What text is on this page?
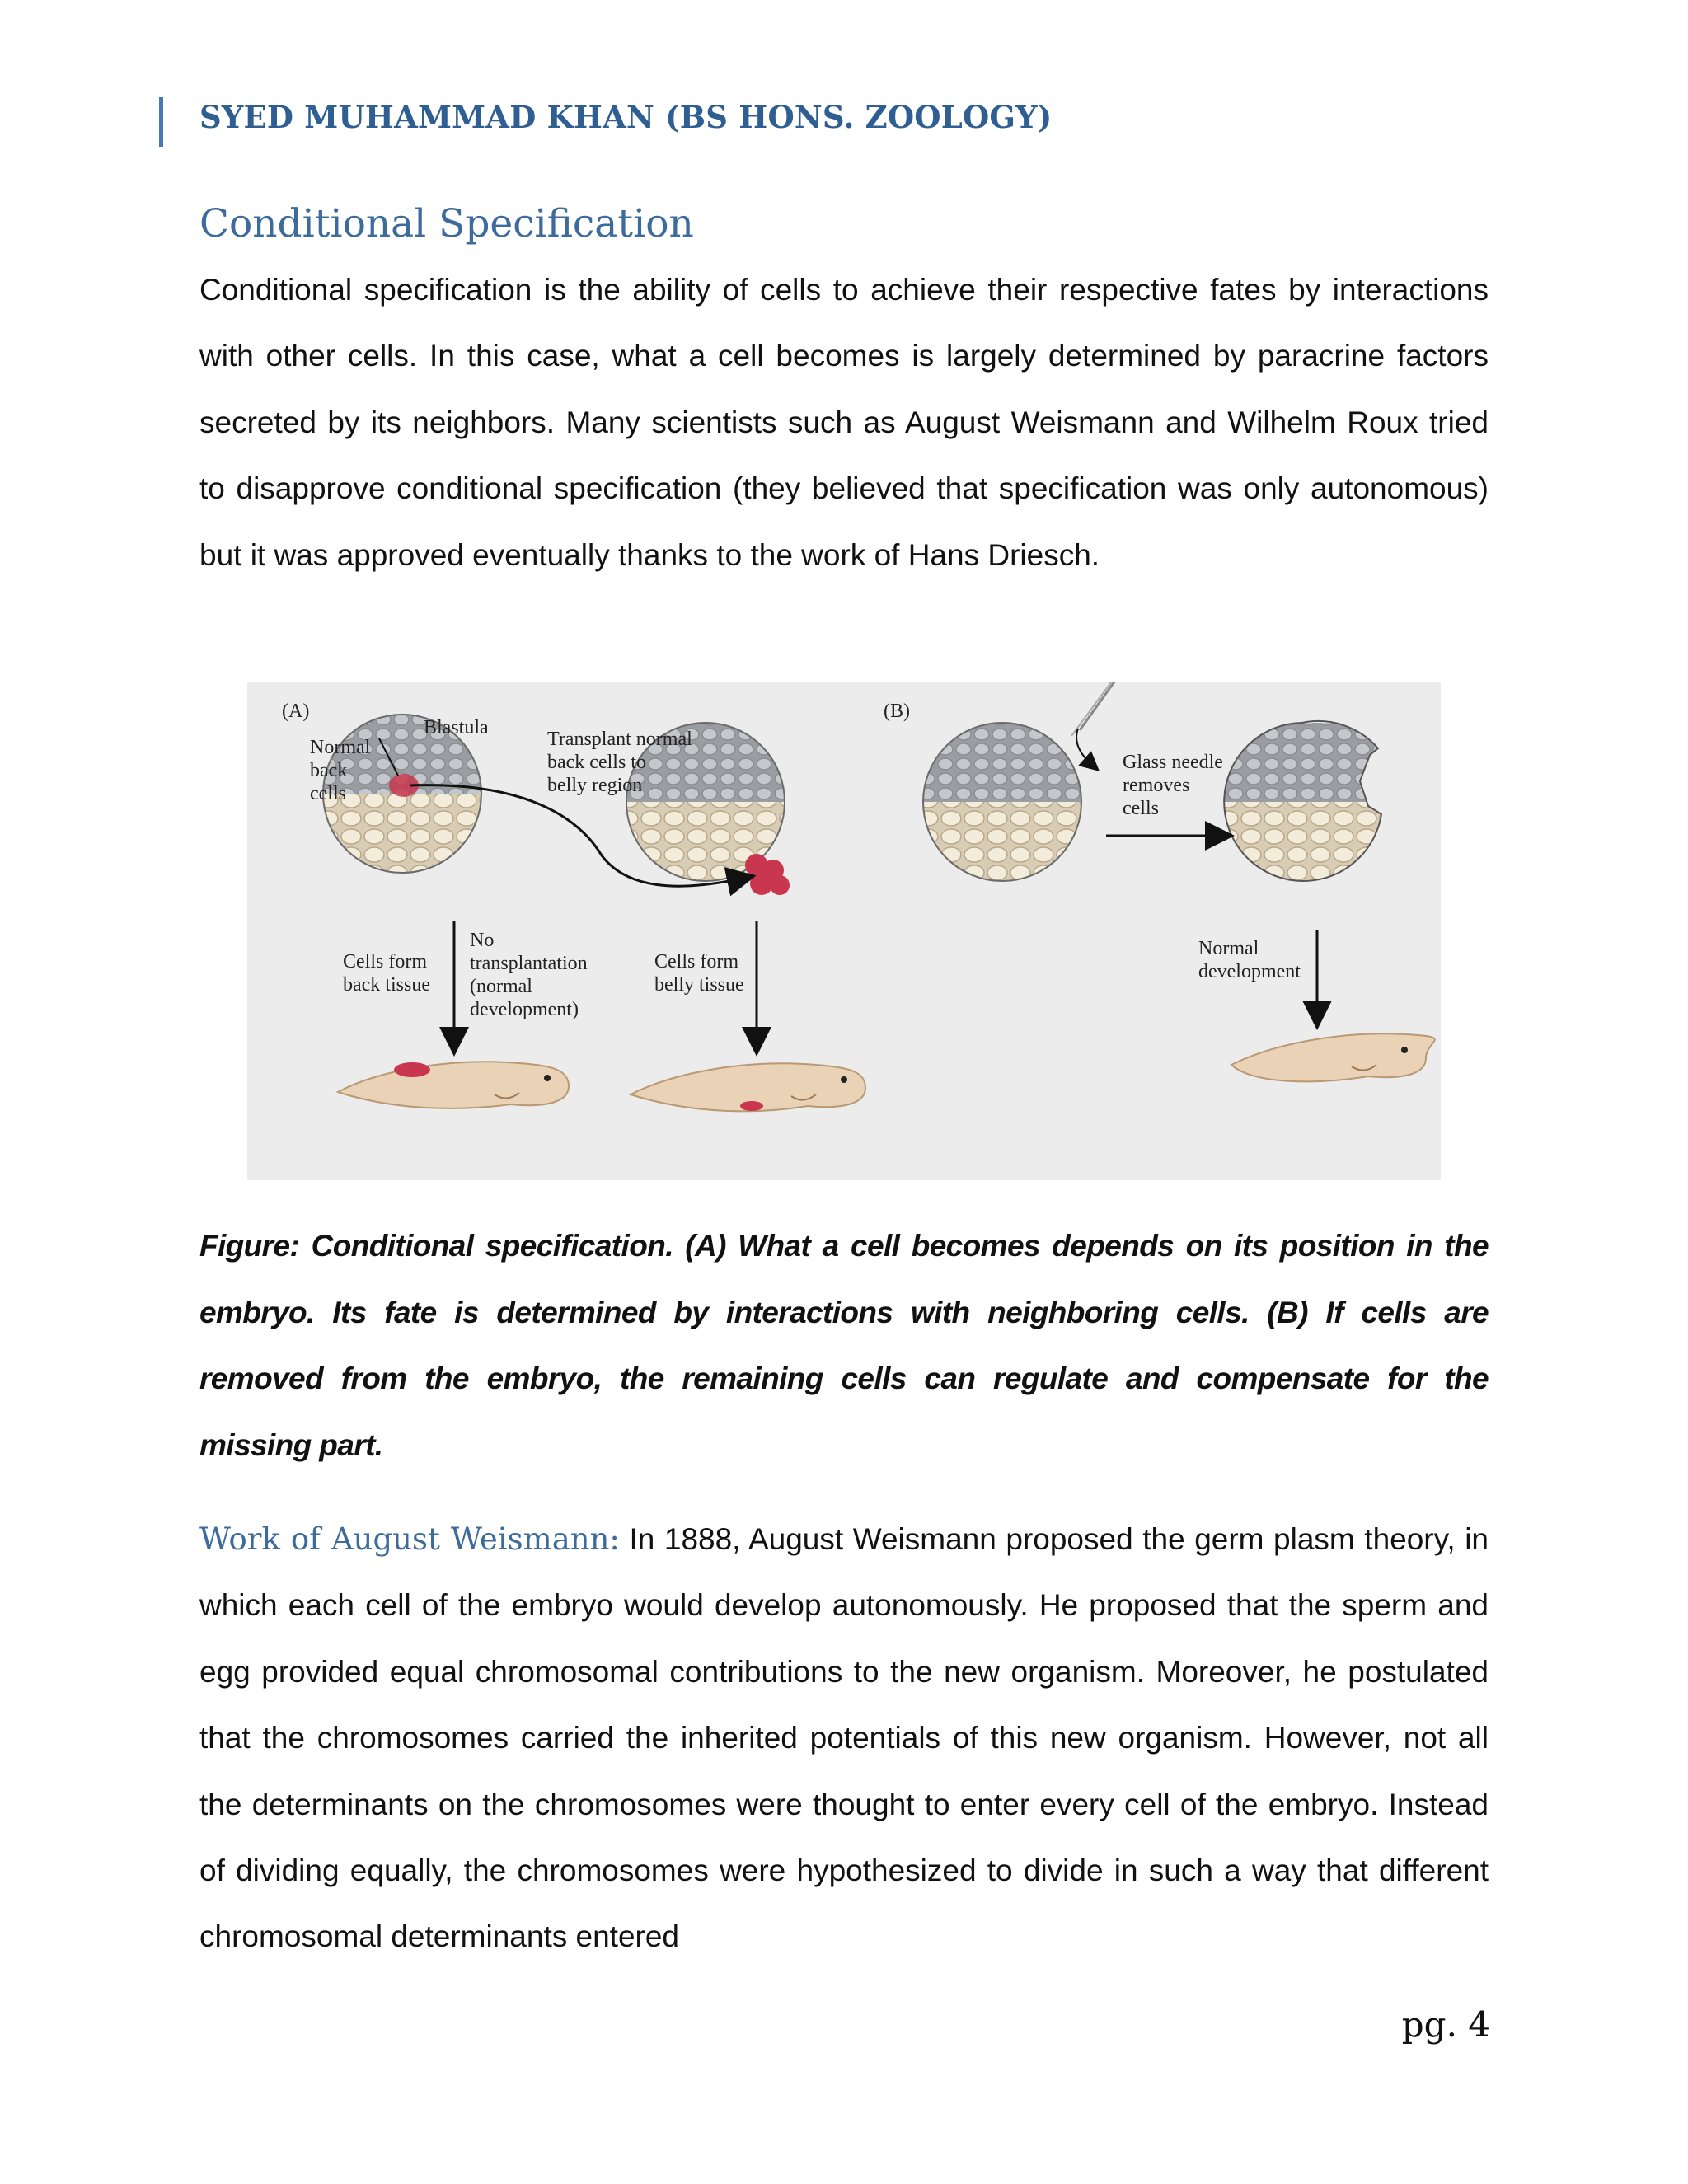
SYED MUHAMMAD KHAN (BS HONS. ZOOLOGY)
Conditional Specification

Conditional specification is the ability of cells to achieve their respective fates by interactions with other cells. In this case, what a cell becomes is largely determined by paracrine factors secreted by its neighbors. Many scientists such as August Weismann and Wilhelm Roux tried to disapprove conditional specification (they believed that specification was only autonomous) but it was approved eventually thanks to the work of Hans Driesch.

(A)	(B)
Blastula
Normal
back
cells
Transplant normal
back cells to
belly region
No
transplantation
(normal
development)
Cells form
back tissue
Cells form
belly tissue
Glass needle
removes
cells
Normal
development

Figure: Conditional specification. (A) What a cell becomes depends on its position in the embryo. Its fate is determined by interactions with neighboring cells. (B) If cells are removed from the embryo, the remaining cells can regulate and compensate for the missing part.

Work of August Weismann: In 1888, August Weismann proposed the germ plasm theory, in which each cell of the embryo would develop autonomously. He proposed that the sperm and egg provided equal chromosomal contributions to the new organism. Moreover, he postulated that the chromosomes carried the inherited potentials of this new organism. However, not all the determinants on the chromosomes were thought to enter every cell of the embryo. Instead of dividing equally, the chromosomes were hypothesized to divide in such a way that different chromosomal determinants entered

pg. 4
